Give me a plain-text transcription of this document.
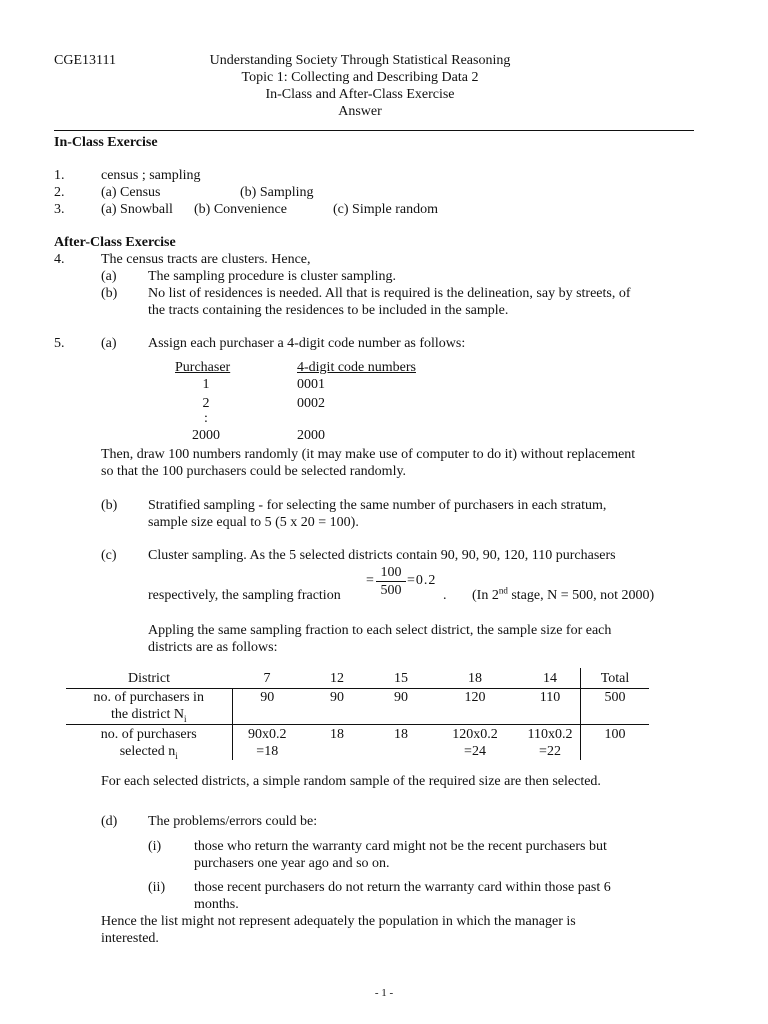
CGE13111	Understanding Society Through Statistical Reasoning
Topic 1: Collecting and Describing Data 2
In-Class and After-Class Exercise
Answer
In-Class Exercise
1.	census ; sampling
2.	(a) Census	(b) Sampling
3.	(a) Snowball (b) Convenience	(c) Simple random
After-Class Exercise
4.	The census tracts are clusters. Hence,
(a) The sampling procedure is cluster sampling.
(b) No list of residences is needed. All that is required is the delineation, say by streets, of
the tracts containing the residences to be included in the sample.
5.	(a) Assign each purchaser a 4-digit code number as follows:
Purchaser	4-digit code numbers
1	0001
2	0002
:
2000	2000
Then, draw 100 numbers randomly (it may make use of computer to do it) without replacement
so that the 100 purchasers could be selected randomly.
(b) Stratified sampling - for selecting the same number of purchasers in each stratum,
sample size equal to 5 (5 x 20 = 100).
(c) Cluster sampling. As the 5 selected districts contain 90, 90, 90, 120, 110 purchasers
respectively, the sampling fraction
= $\frac{100}{500} =0.2$
. (In 2nd stage, N = 500, not 2000)
Appling the same sampling fraction to each select district, the sample size for each
districts are as follows:
District	7	12	15	18	14	Total
no. of purchasers in
the district $N_i$	90	90	90	120	110	500
no. of purchasers
selected $n_i$	90x0.2
=18	18	18	120x0.2
=24	110x0.2
=22	100
For each selected districts, a simple random sample of the required size are then selected.
(d) The problems/errors could be:
(i) those who return the warranty card might not be the recent purchasers but
purchasers one year ago and so on.
(ii) those recent purchasers do not return the warranty card within those past 6
months.
Hence the list might not represent adequately the population in which the manager is
interested.
- 1 -
